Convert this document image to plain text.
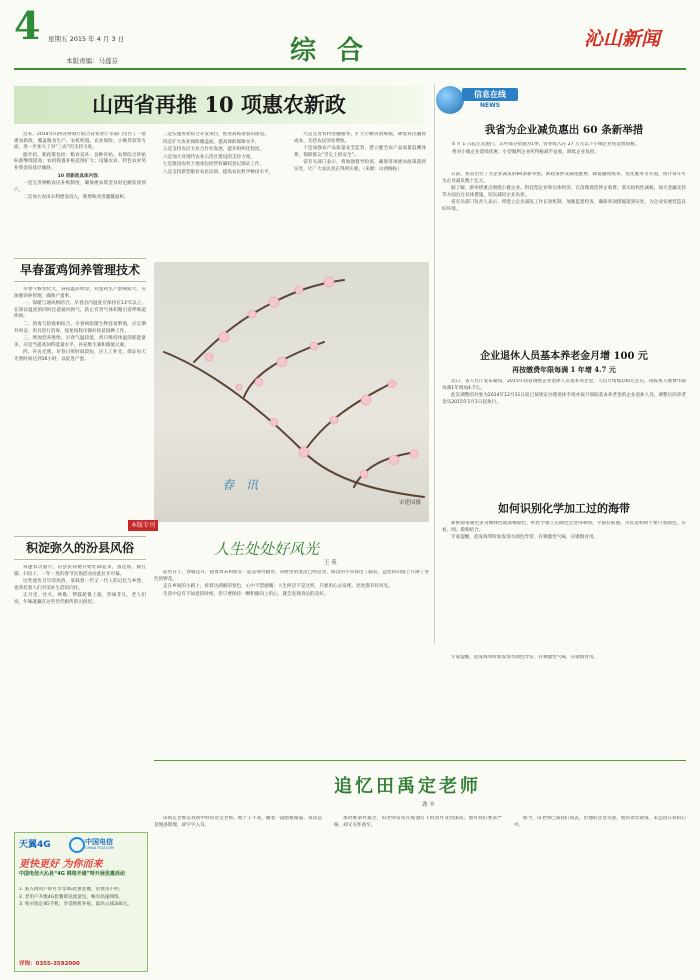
4 星期五 2015 年 4 月 3 日
本版责编：马莲芬	综 合	沁山新闻
山西省再推 10 项惠农新政	信息在线
NEWS

近来，2014年山西省财政厅联合省农业厅等部门出台了一批惠农新政，覆盖粮食生产、农机购置、农业保险、小额贷款等方面，进一步加大了对“三农”的支持力度。

据介绍，新政策包括：粮食直补、良种补贴、农资综合补贴标准继续提高；农机购置补贴范围扩大；设施农业、特色农业奖补资金向基层倾斜。

10 项新政具体内容：

一是完善种粮农民补贴制度，确保惠农资金及时足额发放到户。

二是加大农田水利建设投入，新增和改善灌溉面积。

三是实施农业综合开发项目，推进高标准农田建设。

四是扩大农业保险覆盖面，提高保险保障水平。

五是支持农民专业合作社发展，提升组织化程度。

六是加大对现代农业示范区建设的支持力度。

七是推进农村土地承包经营权确权登记颁证工作。

八是支持新型职业农民培训，提高农民科学种田水平。

九是完善农村金融服务，扩大小额贷款规模，降低农民融资成本，支持农民创业增收。

十是加强农产品质量安全监管，建立健全农产品质量追溯体系，保障群众“舌尖上的安全”。

省有关部门表示，将加强督导检查，确保各项惠农政策落到实处，让广大农民真正得到实惠。（来源：山西晚报）

我省为企业减负惠出 60 条新举措

4 月 1 日起正式施行，其中部分措施为1季，营业收入在 27 万元以下小微企业免征增值税。

将对小微企业延续优惠，小型微利企业所得税减半征收，降低企业负担。

日前，我省出台了为企业减负的60条新举措。新政策涉及减免税费、降低融资成本、优化服务等方面，预计每年可为企业减负数十亿元。

据了解，新举措重点围绕小微企业、科技型企业和实体经济，在清理规范涉企收费、落实结构性减税、加大金融支持等方面出台具体措施，切实减轻企业负担。

省有关部门负责人表示，将建立企业减负工作长效机制，加强监督检查，确保各项措施落到实处，为企业发展营造良好环境。

企业退休人员基本养老金月增 100 元
再按缴费年限每满 1 年增 4.7 元

近日，省人社厅发布通知，2015年我省调整企业退休人员基本养老金，人均月增加100元左右，再按本人缴费年限每满1年增加4.7元。

此次调整的对象为2014年12月31日前已按规定办理退休手续并按月领取基本养老金的企业退休人员，调整后的养老金从2015年1月1日起执行。

如何识别化学加工过的海带

新鲜海带颜色多为褐绿色或深褐绿色，经化学加工后颜色会变得翠绿，手摸有粘感。市民选购时不要只看颜色，应看、闻、摸相结合。

专家提醒，泡发海带时如发现水颜色异常、有刺激性气味，应谨慎食用。

早春蛋鸡饲养管理技术

早春气候变化大，昼夜温差明显，对蛋鸡生产影响较大，应加强饲养管理，确保产蛋率。

一、保暖与通风相结合。早春舍内温度应保持在13℃以上，在保证温度的同时注意通风换气，防止有害气体积聚引发呼吸道疾病。

二、消毒与防疫相结合。早春病原微生物容易繁殖，应定期对鸡舍、用具进行消毒，按免疫程序做好疫苗接种工作。

三、增加营养供给。早春气温较低，鸡只维持体温消耗能量多，应适当提高饲料能量水平，补充维生素和微量元素。

四、补充光照。早春日照时间较短，应人工补光，保证每天光照时间达到16小时，以促进产蛋。

春 讯
宋建国摄
本版专刊
积淀弥久的汾县风俗

每逢农历腊月，汾县民间便开始忙碌起来，蒸花馍、做豆腐、扫房子，一年一度的春节民俗活动由此拉开序幕。

这些流传百年的风俗，承载着一代又一代人的记忆与乡愁，也寄托着人们对美好生活的向往。

正月里，社火、秧歌、锣鼓轮番上演，热闹非凡。老人们说，年味就藏在这些代代相传的习俗里。

人生处处好风光
王 英

前些日子，春暖花开，趁着周末和朋友一起去郊外踏青。田野里的麦苗已经返青，路边的小草探出了脑袋，远处的山坡上开满了各色的野花。

走在乡间的小路上，看着这满眼的春色，心中不禁感慨：人生何尝不是这样，只要用心去发现，处处都有好风光。

生活中总有不如意的时候，但只要保持一颗积极向上的心，就会发现身边的美好。

专家提醒，泡发海带时如发现水颜色异常、有刺激性气味，应谨慎食用。

追忆田禹定老师
劲 丰

田禹定老师是我初中时的语文老师。他个子不高，戴着一副黑框眼镜，说话总是慢条斯理，却字字入耳。

那时候条件艰苦，田老师常常在煤油灯下批改作业到深夜。他对我们要求严格，却又关怀备至。

如今，田老师已离我们而去，但他的音容笑貌，他的谆谆教诲，永远留在我的心中。

天翼4G	中国电信
CHINA TELECOM
更快更好 为你而来
中国电信大沁县“4G 网络开通”特开展优惠活动

1. 新入网用户即可享受4G优惠套餐，话费送不停。

2. 老用户升级4G套餐即送流量包，畅享高速网络。

3. 购买指定4G手机，享受购机补贴，最高立减300元。

详询：0355-3592000
